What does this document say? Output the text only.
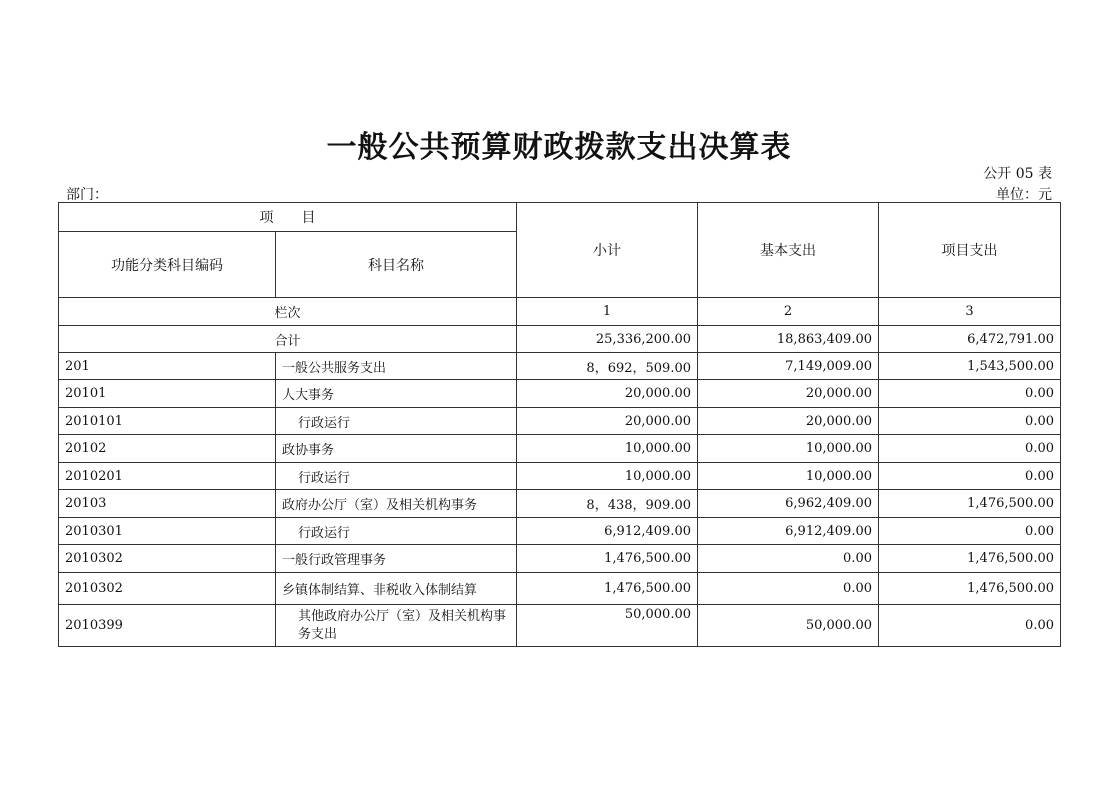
一般公共预算财政拨款支出决算表
公开 05 表
部门：	单位：元
项　　目		小计	基本支出	项目支出
功能分类科目编码	科目名称			
栏次		1	2	3
合计		25,336,200.00	18,863,409.00	6,472,791.00
201	一般公共服务支出	8，692，509.00	7,149,009.00	1,543,500.00
20101	人大事务	20,000.00	20,000.00	0.00
2010101	行政运行	20,000.00	20,000.00	0.00
20102	政协事务	10,000.00	10,000.00	0.00
2010201	行政运行	10,000.00	10,000.00	0.00
20103	政府办公厅（室）及相关机构事务	8，438，909.00	6,962,409.00	1,476,500.00
2010301	行政运行	6,912,409.00	6,912,409.00	0.00
2010302	一般行政管理事务	1,476,500.00	0.00	1,476,500.00
2010302	乡镇体制结算、非税收入体制结算	1,476,500.00	0.00	1,476,500.00
2010399	其他政府办公厅（室）及相关机构事务支出	50,000.00	50,000.00	0.00
